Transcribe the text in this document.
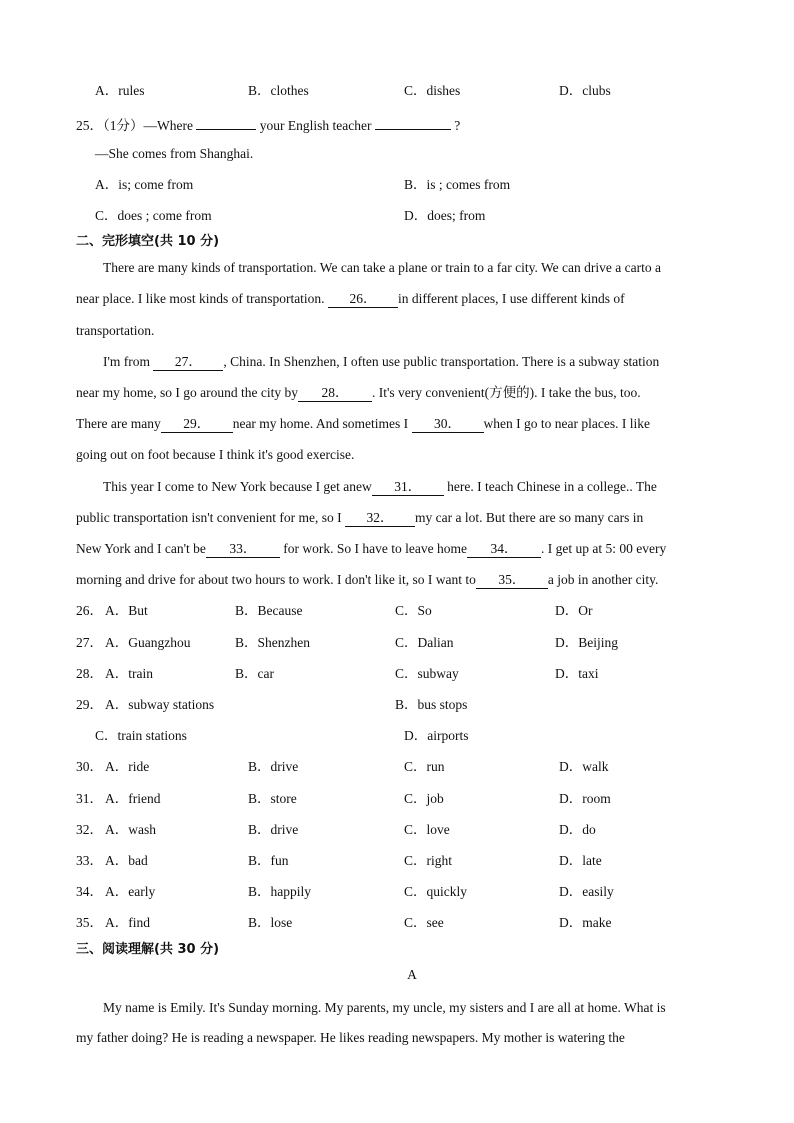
A．rules	B．clothes	C．dishes	D．clubs
25．（1分）—Where	your English teacher	?
—She comes from Shanghai.
A．is; come from	B．is ; comes from
C．does ; come from	D．does; from
二、完形填空(共 10 分)
There are many kinds of transportation. We can take a plane or train to a far city. We can drive a carto a
near place. I like most kinds of transportation. 26． in different places, I use different kinds of
transportation.
I'm from 27． , China. In Shenzhen, I often use public transportation. There is a subway station
near my home, so I go around the city by 28． . It's very convenient(方便的). I take the bus, too.
There are many 29． near my home. And sometimes I 30． when I go to near places. I like
going out on foot because I think it's good exercise.
This year I come to New York because I get anew 31． here. I teach Chinese in a college.. The
public transportation isn't convenient for me, so I 32． my car a lot. But there are so many cars in
New York and I can't be 33． for work. So I have to leave home 34． . I get up at 5: 00 every
morning and drive for about two hours to work. I don't like it, so I want to 35． a job in another city.
26． A．But	B．Because	C．So	D．Or
27． A．Guangzhou	B．Shenzhen	C．Dalian	D．Beijing
28． A．train	B．car	C．subway	D．taxi
29． A．subway stations	B．bus stops
C．train stations	D．airports
30． A．ride	B．drive	C．run	D．walk
31． A．friend	B．store	C．job	D．room
32． A．wash	B．drive	C．love	D．do
33． A．bad	B．fun	C．right	D．late
34． A．early	B．happily	C．quickly	D．easily
35． A．find	B．lose	C．see	D．make
三、阅读理解(共 30 分)
A
My name is Emily. It's Sunday morning. My parents, my uncle, my sisters and I are all at home. What is
my father doing? He is reading a newspaper. He likes reading newspapers. My mother is watering the
